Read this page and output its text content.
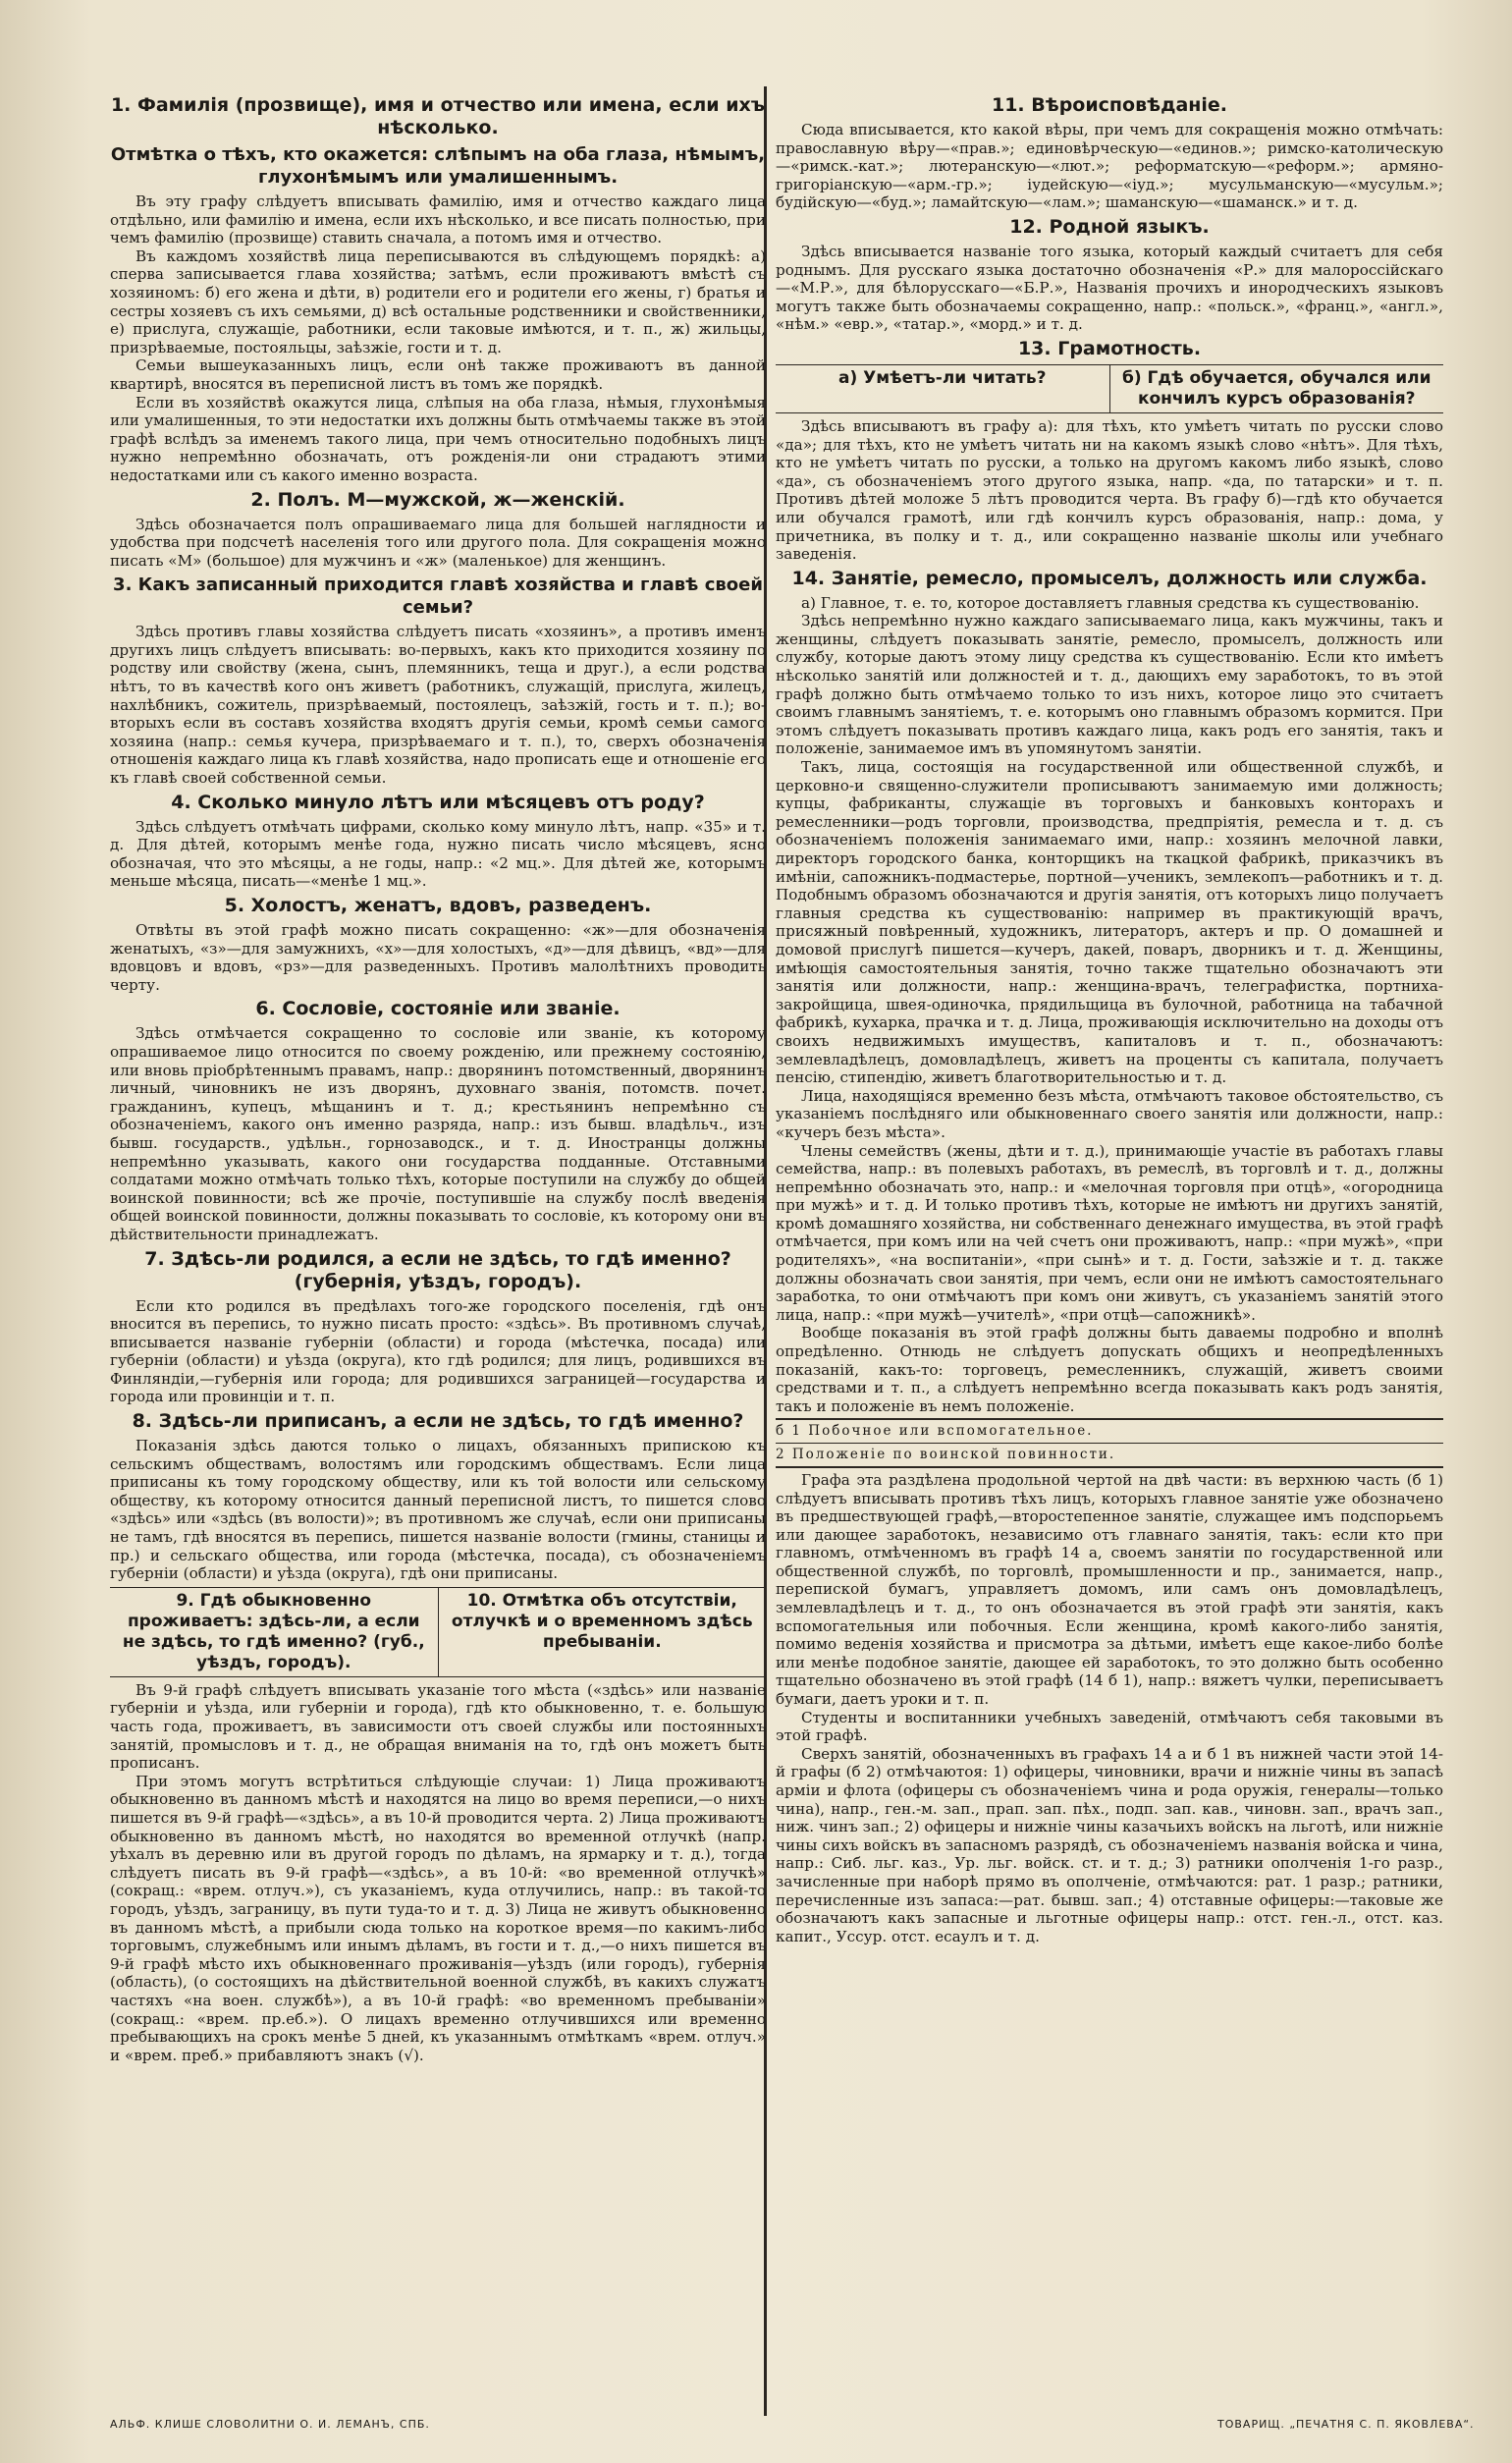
1. Фамилія (прозвище), имя и отчество или имена, если ихъ нѣсколько.
Отмѣтка о тѣхъ, кто окажется: слѣпымъ на оба глаза, нѣмымъ, глухонѣмымъ или умалишеннымъ.

Въ эту графу слѣдуетъ вписывать фамилію, имя и отчество каждаго лица отдѣльно, или фамилію и имена, если ихъ нѣсколько, и все писать полностью, при чемъ фамилію (прозвище) ставить сначала, а потомъ имя и отчество.

Въ каждомъ хозяйствѣ лица переписываются въ слѣдующемъ порядкѣ: а) сперва записывается глава хозяйства; затѣмъ, если проживаютъ вмѣстѣ съ хозяиномъ: б) его жена и дѣти, в) родители его и родители его жены, г) братья и сестры хозяевъ съ ихъ семьями, д) всѣ остальные родственники и свойственники, е) прислуга, служащіе, работники, если таковые имѣются, и т. п., ж) жильцы, призрѣваемые, постояльцы, заѣзжіе, гости и т. д.

Семьи вышеуказанныхъ лицъ, если онѣ также проживаютъ въ данной квартирѣ, вносятся въ переписной листъ въ томъ же порядкѣ.

Если въ хозяйствѣ окажутся лица, слѣпыя на оба глаза, нѣмыя, глухонѣмыя или умалишенныя, то эти недостатки ихъ должны быть отмѣчаемы также въ этой графѣ вслѣдъ за именемъ такого лица, при чемъ относительно подобныхъ лицъ нужно непремѣнно обозначать, отъ рожденія-ли они страдаютъ этими недостатками или съ какого именно возраста.

2. Полъ. М—мужской, ж—женскій.

Здѣсь обозначается полъ опрашиваемаго лица для большей наглядности и удобства при подсчетѣ населенія того или другого пола. Для сокращенія можно писать «М» (большое) для мужчинъ и «ж» (маленькое) для женщинъ.

3. Какъ записанный приходится главѣ хозяйства и главѣ своей семьи?

Здѣсь противъ главы хозяйства слѣдуетъ писать «хозяинъ», а противъ именъ другихъ лицъ слѣдуетъ вписывать: во-первыхъ, какъ кто приходится хозяину по родству или свойству (жена, сынъ, племянникъ, теща и друг.), а если родства нѣтъ, то въ качествѣ кого онъ живетъ (работникъ, служащій, прислуга, жилецъ, нахлѣбникъ, сожитель, призрѣваемый, постоялецъ, заѣзжій, гость и т. п.); во-вторыхъ если въ составъ хозяйства входятъ другія семьи, кромѣ семьи самого хозяина (напр.: семья кучера, призрѣваемаго и т. п.), то, сверхъ обозначенія отношенія каждаго лица къ главѣ хозяйства, надо прописать еще и отношеніе его къ главѣ своей собственной семьи.

4. Сколько минуло лѣтъ или мѣсяцевъ отъ роду?

Здѣсь слѣдуетъ отмѣчать цифрами, сколько кому минуло лѣтъ, напр. «35» и т. д. Для дѣтей, которымъ менѣе года, нужно писать число мѣсяцевъ, ясно обозначая, что это мѣсяцы, а не годы, напр.: «2 мц.». Для дѣтей же, которымъ меньше мѣсяца, писать—«менѣе 1 мц.».

5. Холостъ, женатъ, вдовъ, разведенъ.

Отвѣты въ этой графѣ можно писать сокращенно: «ж»—для обозначенія женатыхъ, «з»—для замужнихъ, «х»—для холостыхъ, «д»—для дѣвицъ, «вд»—для вдовцовъ и вдовъ, «рз»—для разведенныхъ. Противъ малолѣтнихъ проводить черту.

6. Сословіе, состояніе или званіе.

Здѣсь отмѣчается сокращенно то сословіе или званіе, къ которому опрашиваемое лицо относится по своему рожденію, или прежнему состоянію, или вновь пріобрѣтеннымъ правамъ, напр.: дворянинъ потомственный, дворянинъ личный, чиновникъ не изъ дворянъ, духовнаго званія, потомств. почет. гражданинъ, купецъ, мѣщанинъ и т. д.; крестьянинъ непремѣнно съ обозначеніемъ, какого онъ именно разряда, напр.: изъ бывш. владѣльч., изъ бывш. государств., удѣльн., горнозаводск., и т. д. Иностранцы должны непремѣнно указывать, какого они государства подданные. Отставными солдатами можно отмѣчать только тѣхъ, которые поступили на службу до общей воинской повинности; всѣ же прочіе, поступившіе на службу послѣ введенія общей воинской повинности, должны показывать то сословіе, къ которому они въ дѣйствительности принадлежатъ.

7. Здѣсь-ли родился, а если не здѣсь, то гдѣ именно? (губернія, уѣздъ, городъ).

Если кто родился въ предѣлахъ того-же городского поселенія, гдѣ онъ вносится въ перепись, то нужно писать просто: «здѣсь». Въ противномъ случаѣ, вписывается названіе губерніи (области) и города (мѣстечка, посада) или губерніи (области) и уѣзда (округа), кто гдѣ родился; для лицъ, родившихся въ Финляндіи,—губернія или города; для родившихся заграницей—государства и города или провинціи и т. п.

8. Здѣсь-ли приписанъ, а если не здѣсь, то гдѣ именно?

Показанія здѣсь даются только о лицахъ, обязанныхъ припискою къ сельскимъ обществамъ, волостямъ или городскимъ обществамъ. Если лица приписаны къ тому городскому обществу, или къ той волости или сельскому обществу, къ которому относится данный переписной листъ, то пишется слово «здѣсь» или «здѣсь (въ волости)»; въ противномъ же случаѣ, если они приписаны не тамъ, гдѣ вносятся въ перепись, пишется названіе волости (гмины, станицы и пр.) и сельскаго общества, или города (мѣстечка, посада), съ обозначеніемъ губерніи (области) и уѣзда (округа), гдѣ они приписаны.

9. Гдѣ обыкновенно проживаетъ: здѣсь-ли, а если не здѣсь, то гдѣ именно? (губ., уѣздъ, городъ).
10. Отмѣтка объ отсутствіи, отлучкѣ и о временномъ здѣсь пребываніи.

Въ 9-й графѣ слѣдуетъ вписывать указаніе того мѣста («здѣсь» или названіе губерніи и уѣзда, или губерніи и города), гдѣ кто обыкновенно, т. е. большую часть года, проживаетъ, въ зависимости отъ своей службы или постоянныхъ занятій, промысловъ и т. д., не обращая вниманія на то, гдѣ онъ можетъ быть прописанъ.

При этомъ могутъ встрѣтиться слѣдующіе случаи: 1) Лица проживаютъ обыкновенно въ данномъ мѣстѣ и находятся на лицо во время переписи,—о нихъ пишется въ 9-й графѣ—«здѣсь», а въ 10-й проводится черта. 2) Лица проживаютъ обыкновенно въ данномъ мѣстѣ, но находятся во временной отлучкѣ (напр. уѣхалъ въ деревню или въ другой городъ по дѣламъ, на ярмарку и т. д.), тогда слѣдуетъ писать въ 9-й графѣ—«здѣсь», а въ 10-й: «во временной отлучкѣ» (сокращ.: «врем. отлуч.»), съ указаніемъ, куда отлучились, напр.: въ такой-то городъ, уѣздъ, заграницу, въ пути туда-то и т. д. 3) Лица не живутъ обыкновенно въ данномъ мѣстѣ, а прибыли сюда только на короткое время—по какимъ-либо торговымъ, служебнымъ или инымъ дѣламъ, въ гости и т. д.,—о нихъ пишется въ 9-й графѣ мѣсто ихъ обыкновеннаго проживанія—уѣздъ (или городъ), губернія (область), (о состоящихъ на дѣйствительной военной службѣ, въ какихъ служатъ частяхъ «на воен. службѣ»), а въ 10-й графѣ: «во временномъ пребываніи» (сокращ.: «врем. пр.еб.»). О лицахъ временно отлучившихся или временно пребывающихъ на срокъ менѣе 5 дней, къ указаннымъ отмѣткамъ «врем. отлуч.» и «врем. преб.» прибавляютъ знакъ (√).

11. Вѣроисповѣданіе.

Сюда вписывается, кто какой вѣры, при чемъ для сокращенія можно отмѣчать: православную вѣру—«прав.»; единовѣрческую—«единов.»; римско-католическую—«римск.-кат.»; лютеранскую—«лют.»; реформатскую—«реформ.»; армяно-григоріанскую—«арм.-гр.»; іудейскую—«іуд.»; мусульманскую—«мусульм.»; будійскую—«буд.»; ламайтскую—«лам.»; шаманскую—«шаманск.» и т. д.

12. Родной языкъ.

Здѣсь вписывается названіе того языка, который каждый считаетъ для себя роднымъ. Для русскаго языка достаточно обозначенія «Р.» для малороссійскаго—«М.Р.», для бѣлорусскаго—«Б.Р.», Названія прочихъ и инородческихъ языковъ могутъ также быть обозначаемы сокращенно, напр.: «польск.», «франц.», «англ.», «нѣм.» «евр.», «татар.», «морд.» и т. д.

13. Грамотность.
а) Умѣетъ-ли читать?	б) Гдѣ обучается, обучался или кончилъ курсъ образованія?

Здѣсь вписываютъ въ графу а): для тѣхъ, кто умѣетъ читать по русски слово «да»; для тѣхъ, кто не умѣетъ читать ни на какомъ языкѣ слово «нѣтъ». Для тѣхъ, кто не умѣетъ читать по русски, а только на другомъ какомъ либо языкѣ, слово «да», съ обозначеніемъ этого другого языка, напр. «да, по татарски» и т. п. Противъ дѣтей моложе 5 лѣтъ проводится черта. Въ графу б)—гдѣ кто обучается или обучался грамотѣ, или гдѣ кончилъ курсъ образованія, напр.: дома, у причетника, въ полку и т. д., или сокращенно названіе школы или учебнаго заведенія.

14. Занятіе, ремесло, промыселъ, должность или служба.

а) Главное, т. е. то, которое доставляетъ главныя средства къ существованію.

Здѣсь непремѣнно нужно каждаго записываемаго лица, какъ мужчины, такъ и женщины, слѣдуетъ показывать занятіе, ремесло, промыселъ, должность или службу, которые даютъ этому лицу средства къ существованію. Если кто имѣетъ нѣсколько занятій или должностей и т. д., дающихъ ему заработокъ, то въ этой графѣ должно быть отмѣчаемо только то изъ нихъ, которое лицо это считаетъ своимъ главнымъ занятіемъ, т. е. которымъ оно главнымъ образомъ кормится. При этомъ слѣдуетъ показывать противъ каждаго лица, какъ родъ его занятія, такъ и положеніе, занимаемое имъ въ упомянутомъ занятіи.

Такъ, лица, состоящія на государственной или общественной службѣ, и церковно-и священно-служители прописываютъ занимаемую ими должность; купцы, фабриканты, служащіе въ торговыхъ и банковыхъ конторахъ и ремесленники—родъ торговли, производства, предпріятія, ремесла и т. д. съ обозначеніемъ положенія занимаемаго ими, напр.: хозяинъ мелочной лавки, директоръ городского банка, конторщикъ на ткацкой фабрикѣ, приказчикъ въ имѣніи, сапожникъ-подмастерье, портной—ученикъ, землекопъ—работникъ и т. д. Подобнымъ образомъ обозначаются и другія занятія, отъ которыхъ лицо получаетъ главныя средства къ существованію: например въ практикующій врачъ, присяжный повѣренный, художникъ, литераторъ, актеръ и пр. О домашней и домовой прислугѣ пишется—кучеръ, дакей, поваръ, дворникъ и т. д. Женщины, имѣющія самостоятельныя занятія, точно также тщательно обозначаютъ эти занятія или должности, напр.: женщина-врачъ, телеграфистка, портниха-закройщица, швея-одиночка, прядильщица въ булочной, работница на табачной фабрикѣ, кухарка, прачка и т. д. Лица, проживающія исключительно на доходы отъ своихъ недвижимыхъ имуществъ, капиталовъ и т. п., обозначаютъ: землевладѣлецъ, домовладѣлецъ, живетъ на проценты съ капитала, получаетъ пенсію, стипендію, живетъ благотворительностью и т. д.

Лица, находящіяся временно безъ мѣста, отмѣчаютъ таковое обстоятельство, съ указаніемъ послѣдняго или обыкновеннаго своего занятія или должности, напр.: «кучеръ безъ мѣста».

Члены семействъ (жены, дѣти и т. д.), принимающіе участіе въ работахъ главы семейства, напр.: въ полевыхъ работахъ, въ ремеслѣ, въ торговлѣ и т. д., должны непремѣнно обозначать это, напр.: и «мелочная торговля при отцѣ», «огородница при мужѣ» и т. д. И только противъ тѣхъ, которые не имѣютъ ни другихъ занятій, кромѣ домашняго хозяйства, ни собственнаго денежнаго имущества, въ этой графѣ отмѣчается, при комъ или на чей счетъ они проживаютъ, напр.: «при мужѣ», «при родителяхъ», «на воспитаніи», «при сынѣ» и т. д. Гости, заѣзжіе и т. д. также должны обозначать свои занятія, при чемъ, если они не имѣютъ самостоятельнаго заработка, то они отмѣчаютъ при комъ они живутъ, съ указаніемъ занятій этого лица, напр.: «при мужѣ—учителѣ», «при отцѣ—сапожникѣ».

Вообще показанія въ этой графѣ должны быть даваемы подробно и вполнѣ опредѣленно. Отнюдь не слѣдуетъ допускать общихъ и неопредѣленныхъ показаній, какъ-то: торговецъ, ремесленникъ, служащій, живетъ своими средствами и т. п., а слѣдуетъ непремѣнно всегда показывать какъ родъ занятія, такъ и положеніе въ немъ положеніе.

б 1 Побочное или вспомогательное.
2 Положеніе по воинской повинности.

Графа эта раздѣлена продольной чертой на двѣ части: въ верхнюю часть (б 1) слѣдуетъ вписывать противъ тѣхъ лицъ, которыхъ главное занятіе уже обозначено въ предшествующей графѣ,—второстепенное занятіе, служащее имъ подспорьемъ или дающее заработокъ, независимо отъ главнаго занятія, такъ: если кто при главномъ, отмѣченномъ въ графѣ 14 а, своемъ занятіи по государственной или общественной службѣ, по торговлѣ, промышленности и пр., занимается, напр., перепиской бумагъ, управляетъ домомъ, или самъ онъ домовладѣлецъ, землевладѣлецъ и т. д., то онъ обозначается въ этой графѣ эти занятія, какъ вспомогательныя или побочныя. Если женщина, кромѣ какого-либо занятія, помимо веденія хозяйства и присмотра за дѣтьми, имѣетъ еще какое-либо болѣе или менѣе подобное занятіе, дающее ей заработокъ, то это должно быть особенно тщательно обозначено въ этой графѣ (14 б 1), напр.: вяжетъ чулки, переписываетъ бумаги, даетъ уроки и т. п.

Студенты и воспитанники учебныхъ заведеній, отмѣчаютъ себя таковыми въ этой графѣ.

Сверхъ занятій, обозначенныхъ въ графахъ 14 а и б 1 въ нижней части этой 14-й графы (б 2) отмѣчаютоя: 1) офицеры, чиновники, врачи и нижніе чины въ запасѣ арміи и флота (офицеры съ обозначеніемъ чина и рода оружія, генералы—только чина), напр., ген.-м. зап., прап. зап. пѣх., подп. зап. кав., чиновн. зап., врачъ зап., ниж. чинъ зап.; 2) офицеры и нижніе чины казачьихъ войскъ на льготѣ, или нижніе чины сихъ войскъ въ запасномъ разрядѣ, съ обозначеніемъ названія войска и чина, напр.: Сиб. льг. каз., Ур. льг. войск. ст. и т. д.; 3) ратники ополченія 1-го разр., зачисленные при наборѣ прямо въ ополченіе, отмѣчаются: рат. 1 разр.; ратники, перечисленные изъ запаса:—рат. бывш. зап.; 4) отставные офицеры:—таковые же обозначаютъ какъ запасные и льготные офицеры напр.: отст. ген.-л., отст. каз. капит., Уссур. отст. есаулъ и т. д.

АЛЬФ. КЛИШЕ СЛОВОЛИТНИ О. И. ЛЕМАНЪ, СПБ.	ТОВАРИЩ. „ПЕЧАТНЯ С. П. ЯКОВЛЕВА“.
